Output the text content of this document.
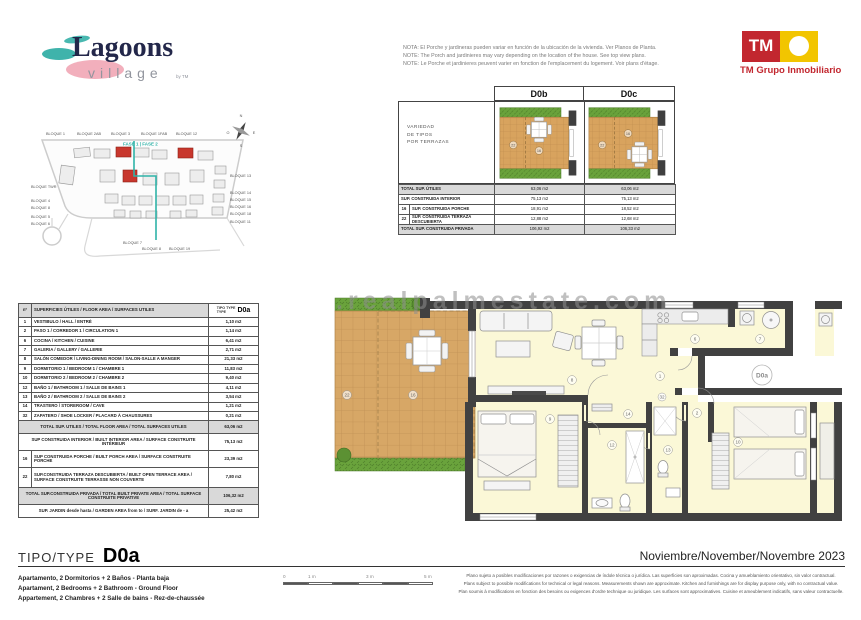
Lagoons
village	by TM
NOTA: El Porche y jardineras pueden variar en función de la ubicación de la vivienda. Ver Planos de Planta.
NOTE: The Porch and jardinieres may vary depending on the location of the house. See top view plans.
NOTE: Le Porche et jardinieres peuvent varier en fonction de l'emplacement du logement. Voir plans d'étage.
TM
TM Grupo Inmobiliario
N
E
S
O
BLOQUE 1 BLOQUE 2AB BLOQUE 3 BLOQUE 1FAB BLOQUE 12
FASE 1 | FASE 2
BLOQUE TWR
BLOQUE 4
BLOQUE 8
BLOQUE 5
BLOQUE 6
BLOQUE 13
BLOQUE 14
BLOQUE 15
BLOQUE 16
BLOQUE 18
BLOQUE 11
BLOQUE 7
BLOQUE 8 BLOQUE 19
D0b	D0c
VARIEDAD
DE TIPOS
POR TERRAZAS	22
16
22
16
TOTAL SUP. ÚTILES		63,06 m2	63,06 m2
SUP. CONSTRUIDA INTERIOR		75,13 m2	75,13 m2
16	SUP. CONSTRUIDA PORCHE	18,91 m2	18,52 m2
22	SUP. CONSTRUIDA TERRAZA DESCUBIERTA	12,88 m2	12,68 m2
TOTAL SUP. CONSTRUIDA PRIVADA		106,92 m2	106,33 m2
nº	SUPERFICIES ÚTILES / FLOOR AREA / SURFACES UTILES	TIPO TYPE
TYPE D0a

1	VESTIBULO / HALL / ENTRÉ	1,10 m2
2	PASO 1 / CORREDOR 1 / CIRCULATION 1	1,14 m2
6	COCINA / KITCHEN / CUISINE	6,41 m2
7	GALERIA / GALLERY / GALLERIE	2,71 m2
8	SALÓN COMEDOR / LIVING-DINING ROOM / SALON-SALLE A MANGER	21,33 m2
9	DORMITORIO 1 / BEDROOM 1 / CHAMBRE 1	11,83 m2
10	DORMITORIO 2 / BEDROOM 2 / CHAMBRE 2	9,40 m2
12	BAÑO 1 / BATHROOM 1 / SALLE DE BAINS 1	4,11 m2
13	BAÑO 2 / BATHROOM 2 / SALLE DE BAINS 2	3,54 m2
14	TRASTERO / STOREROOM / CAVE	1,21 m2
32	ZAPATERO / SHOE LOCKER / PLACARD À CHAUSSURES	0,21 m2
TOTAL SUP. UTILES / TOTAL FLOOR AREA / TOTAL SURFACES UTILES		63,06 m2
SUP CONSTRUIDA INTERIOR / BUILT INTERIOR AREA / SURFACE CONSTRUITE INTÉRIEUR		75,13 m2
16	SUP CONSTRUIDA PORCHE / BUILT PORCH AREA / SURFACE CONSTRUITE PORCHE	23,39 m2
22	SUP.CONSTRUIDA TERRAZA DESCUBIERTA / BUILT OPEN TERRACE AREA / SURFACE CONSTRUITE TERRASSE NON COUVERTE	7,80 m2
TOTAL SUP.CONSTRUIDA PRIVADA / TOTAL BUILT PRIVATE AREA / TOTAL SURFACE CONSTRUITE PRIVATIVE		106,32 m2
SUP. JARDIN desde hasta / GARDEN AREA from to / SURF. JARDIN de - a		25,42 m2
.realpalmestate.com
22	16
8
6	7
1
2
9
10
12
13
14
32
D0a
TIPO/TYPE D0a	Noviembre/November/Novembre 2023
Apartamento, 2 Dormitorios + 2 Baños - Planta baja
Apartament, 2 Bedrooms + 2 Bathroom - Ground Floor
Appartement, 2 Chambres + 2 Salle de bains - Rez-de-chaussée
0	1 m	3 m	5 m	Plano sujeto a posibles modificaciones por razones o exigencias de índole técnica o jurídica. Las superficies son aproximadas. Cocina y amueblamiento orientativo, sin valor contractual.
Plans subject to possible modifications for technical or legal reasons. Measurements shown are approximate. Kitchen and furnishings are for display purpose only, with no contractual value.
Plan soumis à modifications en fonction des besoins ou exigences d'ordre technique ou juridique. Les surfaces sont approximatives. Cuisine et ameublement indicatifs, sans valeur contractuelle.
